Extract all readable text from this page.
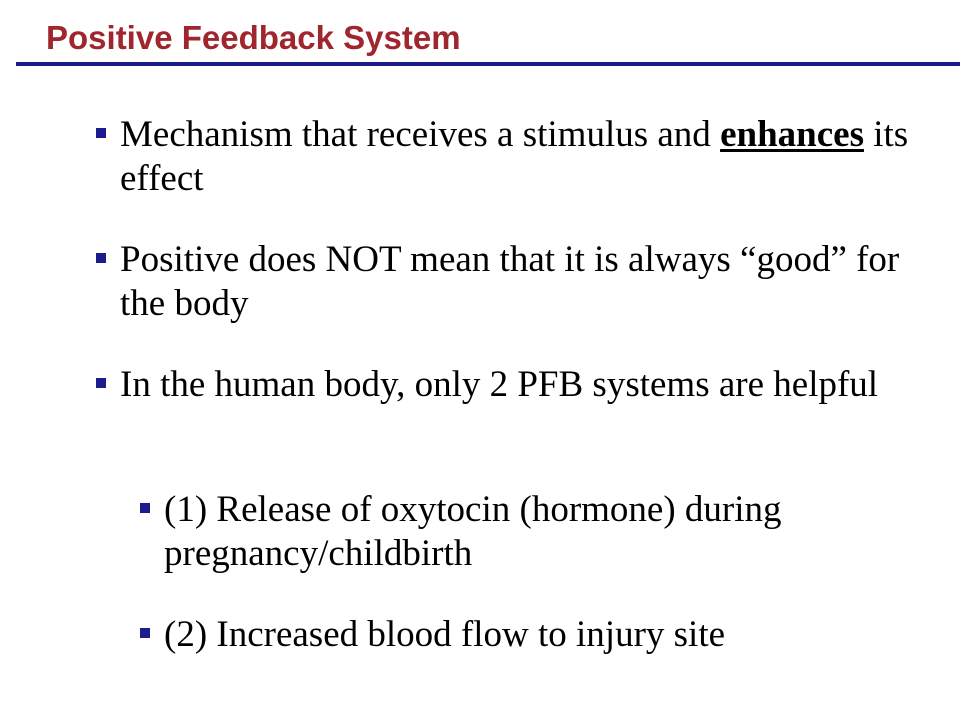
Positive Feedback System
Mechanism that receives a stimulus and enhances its effect
Positive does NOT mean that it is always “good” for the body
In the human body, only 2 PFB systems are helpful
(1) Release of oxytocin (hormone) during pregnancy/childbirth
(2) Increased blood flow to injury site
